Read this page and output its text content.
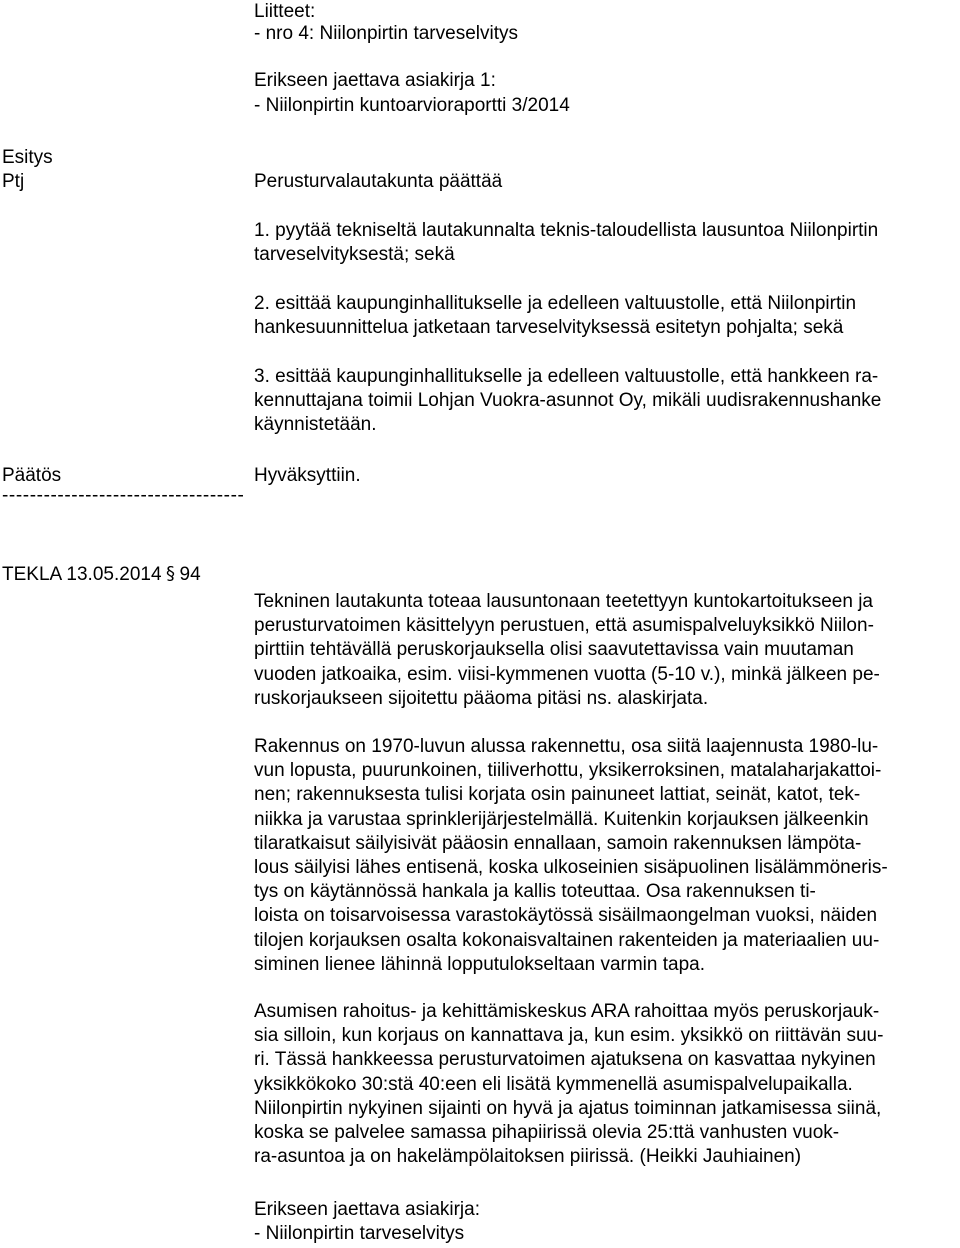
Liitteet:
- nro 4: Niilonpirtin tarveselvitys
Erikseen jaettava asiakirja 1:
- Niilonpirtin kuntoarvioraportti 3/2014
Esitys
Ptj	Perusturvalautakunta päättää
1. pyytää tekniseltä lautakunnalta teknis-taloudellista lausuntoa Niilonpirtin
tarveselvityksestä; sekä
2. esittää kaupunginhallitukselle ja edelleen valtuustolle, että Niilonpirtin
hankesuunnittelua jatketaan tarveselvityksessä esitetyn pohjalta; sekä
3. esittää kaupunginhallitukselle ja edelleen valtuustolle, että hankkeen ra-
kennuttajana toimii Lohjan Vuokra-asunnot Oy, mikäli uudisrakennushanke
käynnistetään.
Päätös	Hyväksyttiin.
-----------------------------------
TEKLA 13.05.2014 § 94
Tekninen lautakunta toteaa lausuntonaan teetettyyn kuntokartoitukseen ja
perusturvatoimen käsittelyyn perustuen, että asumispalveluyksikkö Niilon-
pirttiin tehtävällä peruskorjauksella olisi saavutettavissa vain muutaman
vuoden jatkoaika, esim. viisi-kymmenen vuotta (5-10 v.), minkä jälkeen pe-
ruskorjaukseen sijoitettu pääoma pitäsi ns. alaskirjata.
Rakennus on 1970-luvun alussa rakennettu, osa siitä laajennusta 1980-lu-
vun lopusta, puurunkoinen, tiiliverhottu, yksikerroksinen, matalaharjakattoi-
nen; rakennuksesta tulisi korjata osin painuneet lattiat, seinät, katot, tek-
niikka ja varustaa sprinklerijärjestelmällä. Kuitenkin korjauksen jälkeenkin
tilaratkaisut säilyisivät pääosin ennallaan, samoin rakennuksen lämpöta-
lous säilyisi lähes entisenä, koska ulkoseinien sisäpuolinen lisälämmöneris-
tys on käytännössä hankala ja kallis toteuttaa. Osa rakennuksen ti-
loista on toisarvoisessa varastokäytössä sisäilmaongelman vuoksi, näiden
tilojen korjauksen osalta kokonaisvaltainen rakenteiden ja materiaalien uu-
siminen lienee lähinnä lopputulokseltaan varmin tapa.
Asumisen rahoitus- ja kehittämiskeskus ARA rahoittaa myös peruskorjauk-
sia silloin, kun korjaus on kannattava ja, kun esim. yksikkö on riittävän suu-
ri. Tässä hankkeessa perusturvatoimen ajatuksena on kasvattaa nykyinen
yksikkökoko 30:stä 40:een eli lisätä kymmenellä asumispalvelupaikalla.
Niilonpirtin nykyinen sijainti on hyvä ja ajatus toiminnan jatkamisessa siinä,
koska se palvelee samassa pihapiirissä olevia 25:ttä vanhusten vuok-
ra-asuntoa ja on hakelämpölaitoksen piirissä. (Heikki Jauhiainen)
Erikseen jaettava asiakirja:
- Niilonpirtin tarveselvitys
